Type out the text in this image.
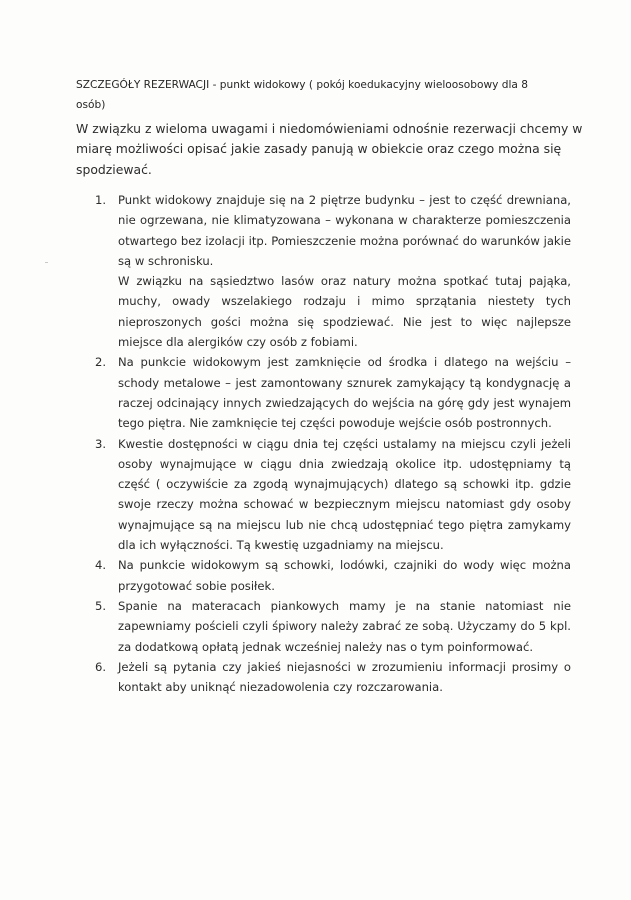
SZCZEGÓŁY REZERWACJI - punkt widokowy ( pokój koedukacyjny wieloosobowy dla 8
osób)
W związku z wieloma uwagami i niedomówieniami odnośnie rezerwacji chcemy w miarę możliwości opisać jakie zasady panują w obiekcie oraz czego można się spodziewać.
1. Punkt widokowy znajduje się na 2 piętrze budynku – jest to część drewniana, nie ogrzewana, nie klimatyzowana – wykonana w charakterze pomieszczenia otwartego bez izolacji itp. Pomieszczenie można porównać do warunków jakie są w schronisku.

W związku na sąsiedztwo lasów oraz natury można spotkać tutaj pająka, muchy, owady wszelakiego rodzaju i mimo sprzątania niestety tych nieproszonych gości można się spodziewać. Nie jest to więc najlepsze miejsce dla alergików czy osób z fobiami.

2. Na punkcie widokowym jest zamknięcie od środka i dlatego na wejściu – schody metalowe – jest zamontowany sznurek zamykający tą kondygnację a raczej odcinający innych zwiedzających do wejścia na górę gdy jest wynajem tego piętra. Nie zamknięcie tej części powoduje wejście osób postronnych.

3. Kwestie dostępności w ciągu dnia tej części ustalamy na miejscu czyli jeżeli osoby wynajmujące w ciągu dnia zwiedzają okolice itp. udostępniamy tą część ( oczywiście za zgodą wynajmujących) dlatego są schowki itp. gdzie swoje rzeczy można schować w bezpiecznym miejscu natomiast gdy osoby wynajmujące są na miejscu lub nie chcą udostępniać tego piętra zamykamy dla ich wyłączności. Tą kwestię uzgadniamy na miejscu.

4. Na punkcie widokowym są schowki, lodówki, czajniki do wody więc można przygotować sobie posiłek.

5. Spanie na materacach piankowych mamy je na stanie natomiast nie zapewniamy pościeli czyli śpiwory należy zabrać ze sobą. Użyczamy do 5 kpl. za dodatkową opłatą jednak wcześniej należy nas o tym poinformować.

6. Jeżeli są pytania czy jakieś niejasności w zrozumieniu informacji prosimy o kontakt aby uniknąć niezadowolenia czy rozczarowania.
